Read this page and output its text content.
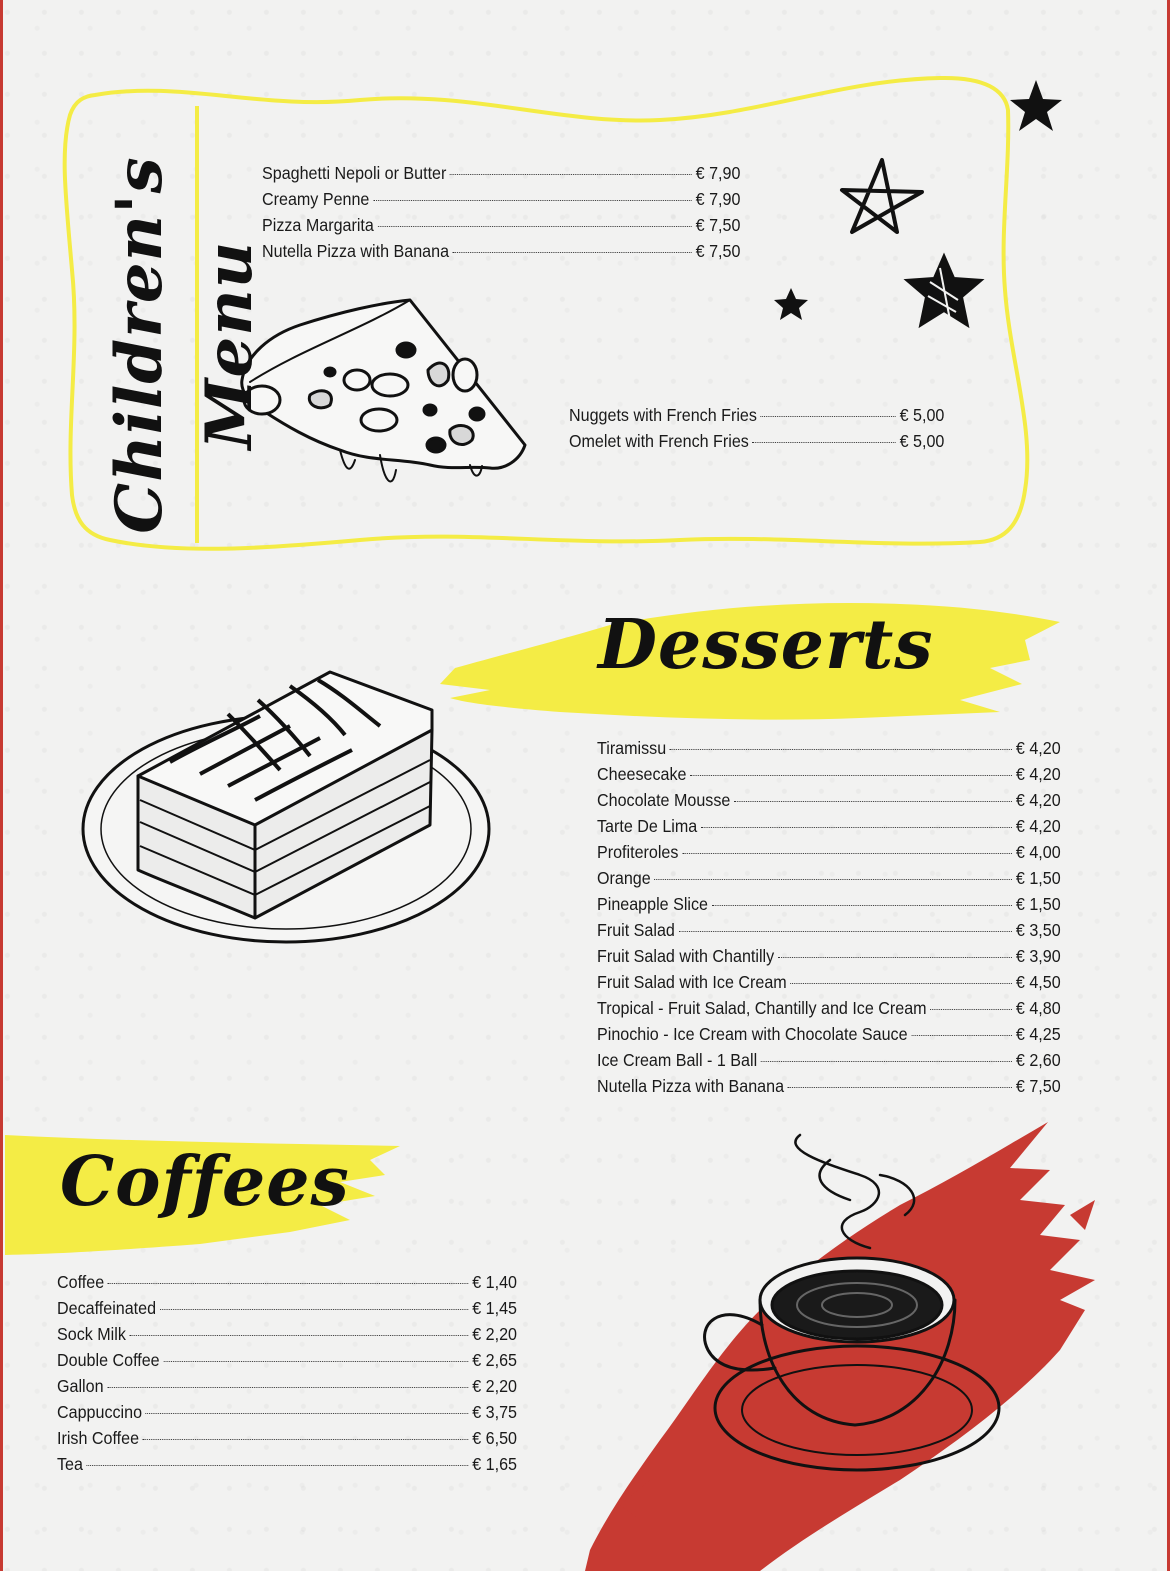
Children's Menu
Spaghetti Nepoli or Butter	€ 7,90
Creamy Penne	€ 7,90
Pizza Margarita	€ 7,50
Nutella Pizza with Banana	€ 7,50
Nuggets with French Fries	€ 5,00
Omelet with French Fries	€ 5,00
Desserts
Tiramissu	€ 4,20
Cheesecake	€ 4,20
Chocolate Mousse	€ 4,20
Tarte De Lima	€ 4,20
Profiteroles	€ 4,00
Orange	€ 1,50
Pineapple Slice	€ 1,50
Fruit Salad	€ 3,50
Fruit Salad with Chantilly	€ 3,90
Fruit Salad with Ice Cream	€ 4,50
Tropical - Fruit Salad, Chantilly and Ice Cream	€ 4,80
Pinochio - Ice Cream with Chocolate Sauce	€ 4,25
Ice Cream Ball - 1 Ball	€ 2,60
Nutella Pizza with Banana	€ 7,50
Coffees
Coffee	€ 1,40
Decaffeinated	€ 1,45
Sock Milk	€ 2,20
Double Coffee	€ 2,65
Gallon	€ 2,20
Cappuccino	€ 3,75
Irish Coffee	€ 6,50
Tea	€ 1,65
